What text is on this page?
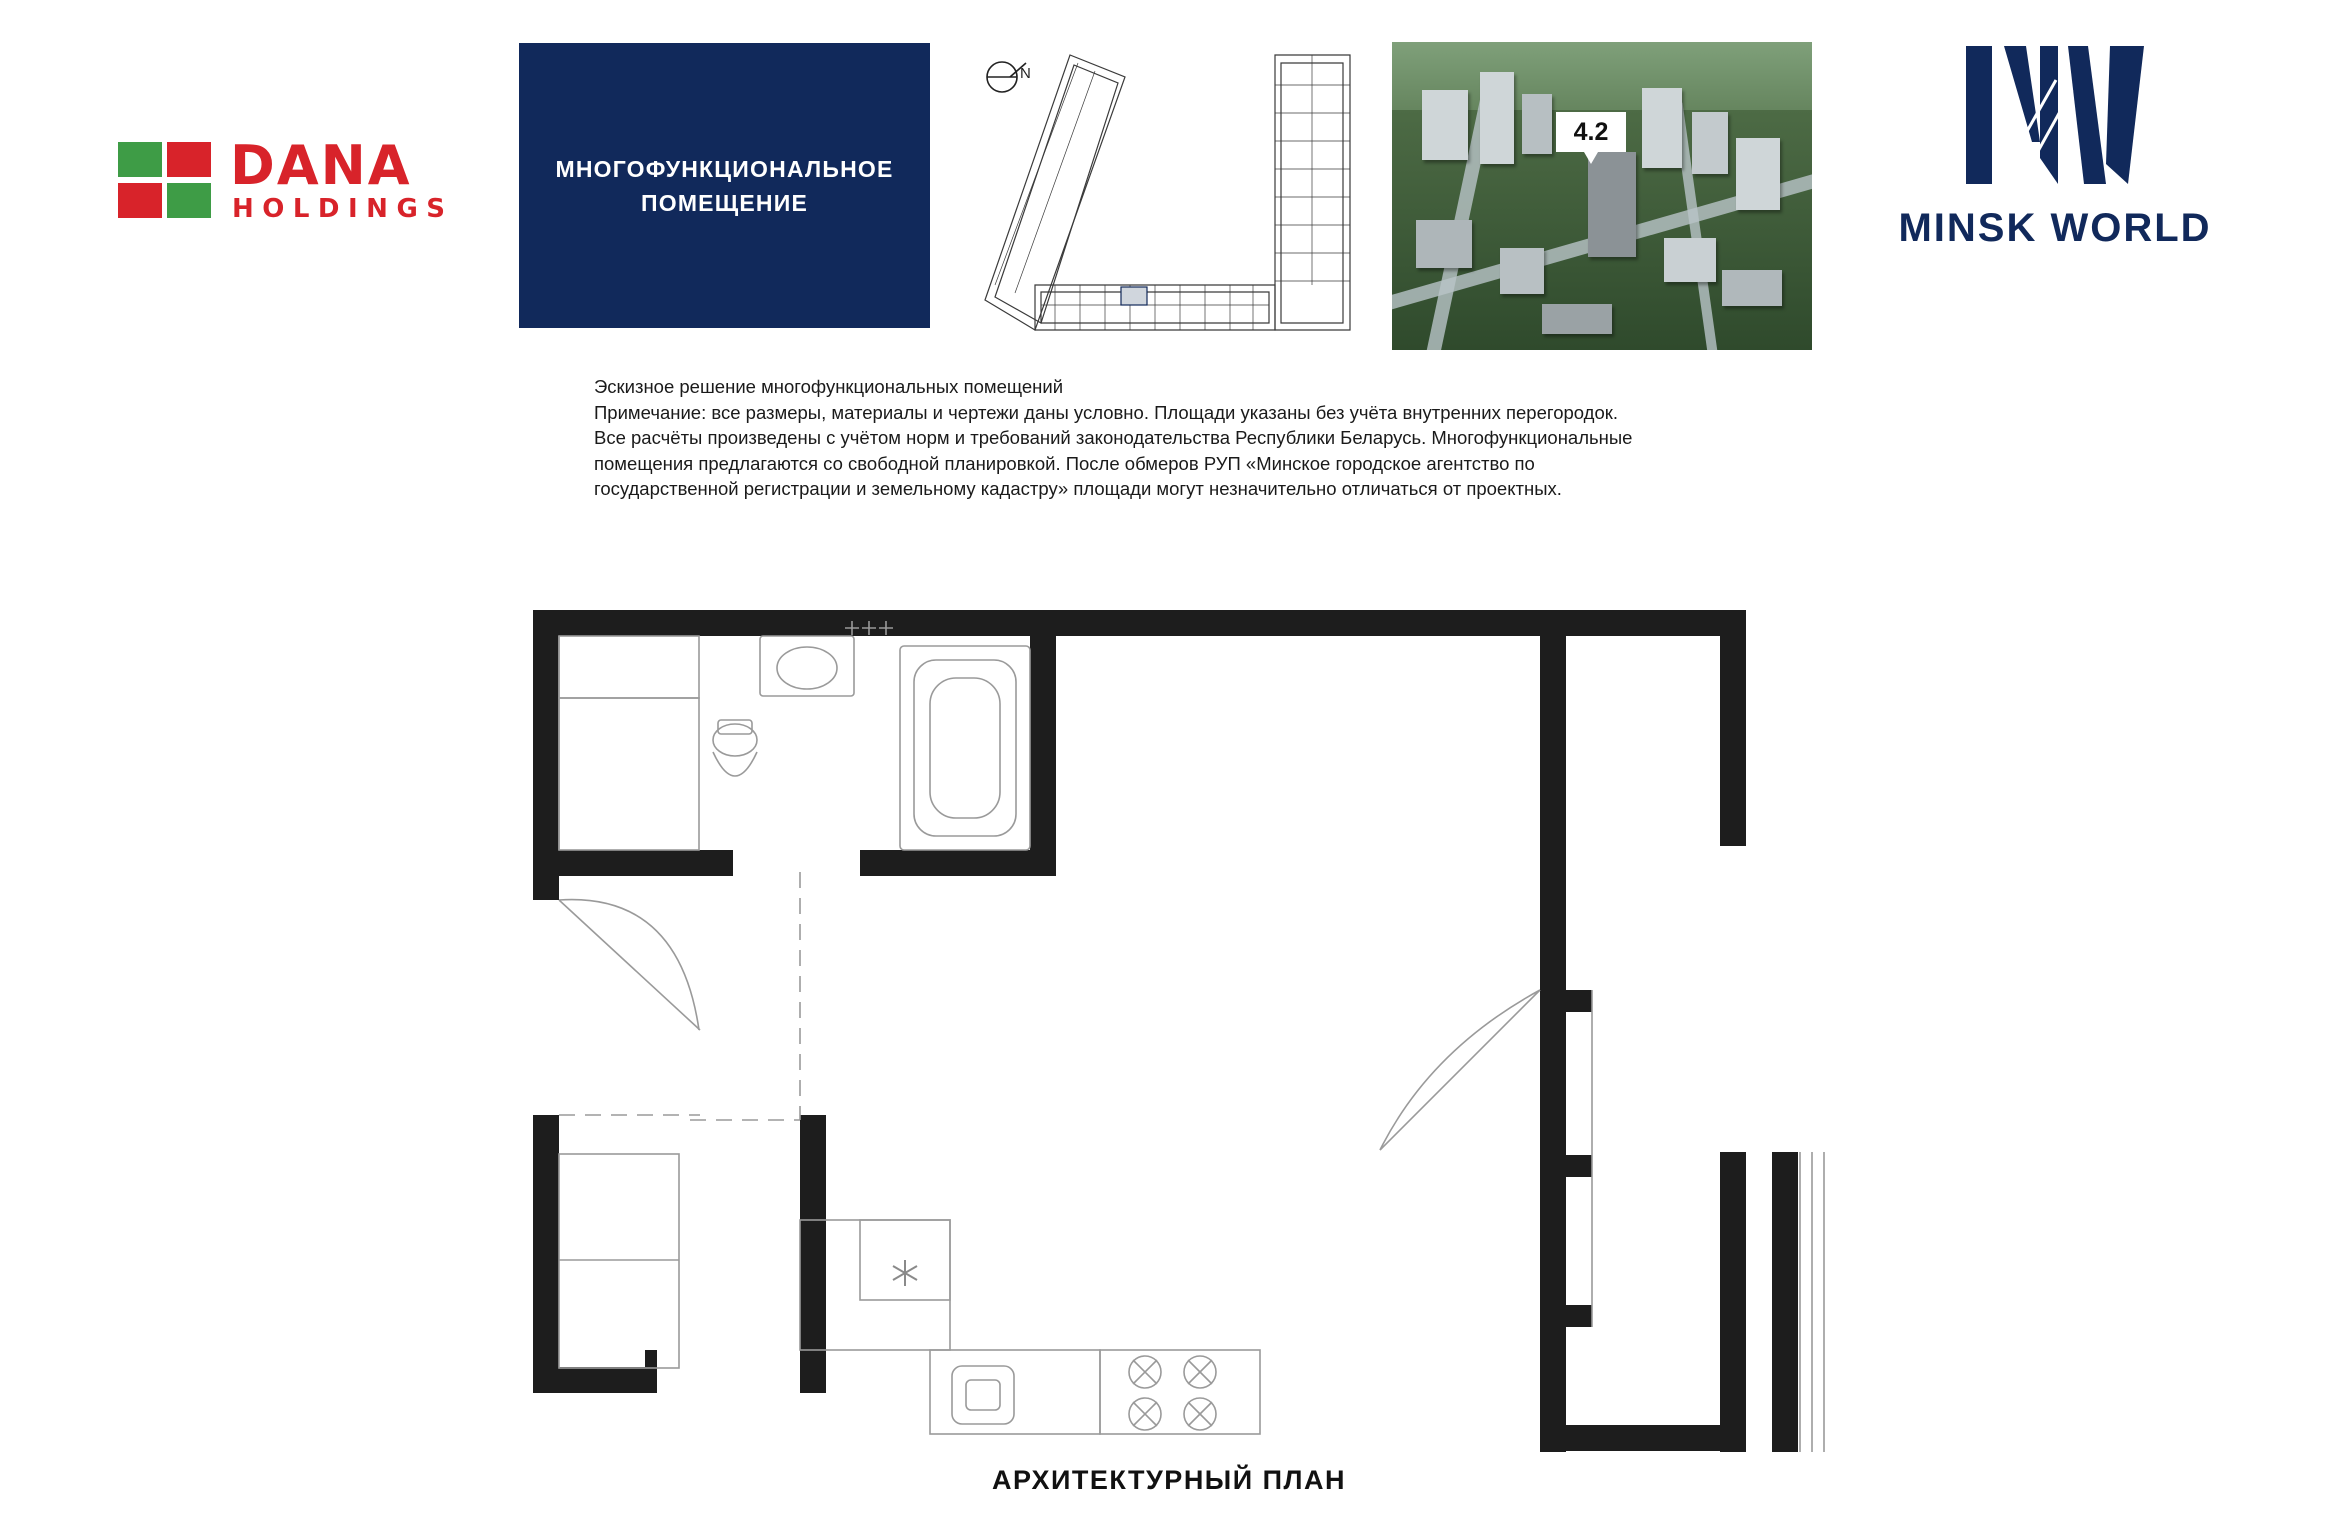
DANA
HOLDINGS
МНОГОФУНКЦИОНАЛЬНОЕ
ПОМЕЩЕНИЕ
N
4.2
MINSK WORLD

Эскизное решение многофункциональных помещений

Примечание: все размеры, материалы и чертежи даны условно. Площади указаны без учёта внутренних перегородок.

Все расчёты произведены с учётом норм и требований законодательства Республики Беларусь. Многофункциональные

помещения предлагаются со свободной планировкой. После обмеров РУП «Минское городское агентство по

государственной регистрации и земельному кадастру» площади могут незначительно отличаться от проектных.

АРХИТЕКТУРНЫЙ ПЛАН
